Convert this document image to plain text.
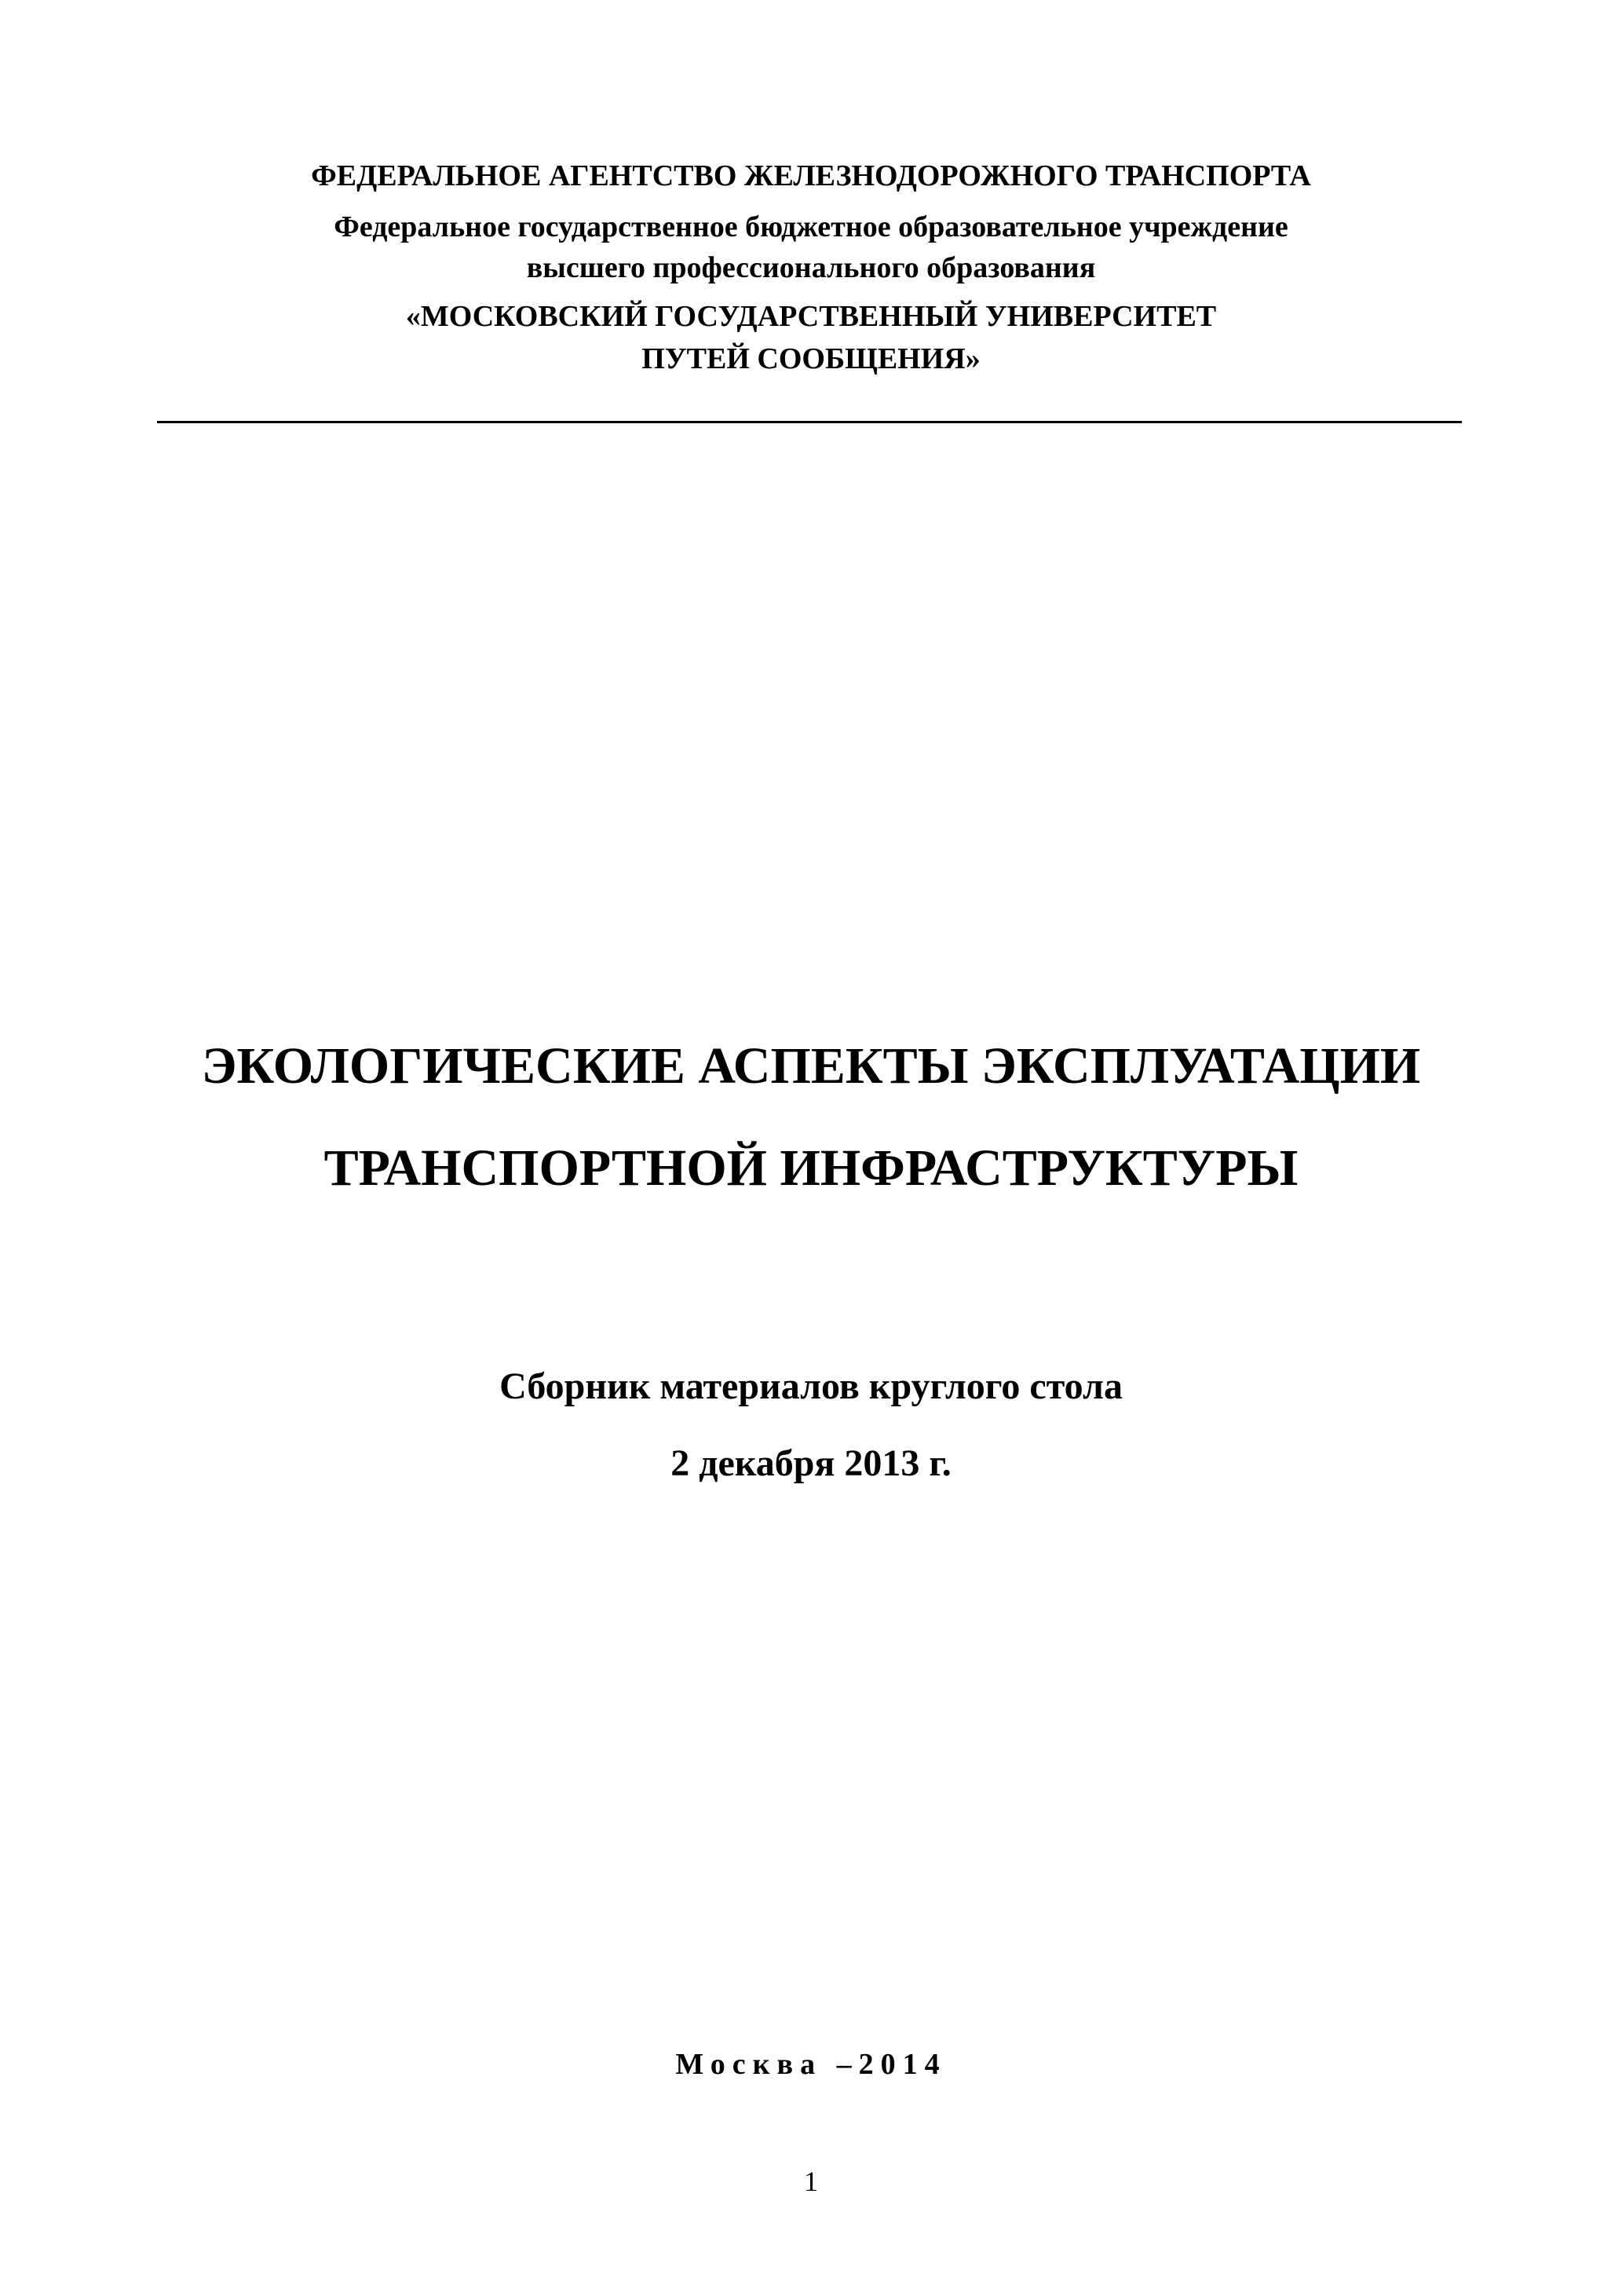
ФЕДЕРАЛЬНОЕ АГЕНТСТВО ЖЕЛЕЗНОДОРОЖНОГО ТРАНСПОРТА
Федеральное государственное бюджетное образовательное учреждение
высшего профессионального образования
«МОСКОВСКИЙ ГОСУДАРСТВЕННЫЙ УНИВЕРСИТЕТ
ПУТЕЙ СООБЩЕНИЯ»
ЭКОЛОГИЧЕСКИЕ АСПЕКТЫ ЭКСПЛУАТАЦИИ
ТРАНСПОРТНОЙ ИНФРАСТРУКТУРЫ
Сборник материалов круглого стола
2 декабря 2013 г.
Москва –2014
1
